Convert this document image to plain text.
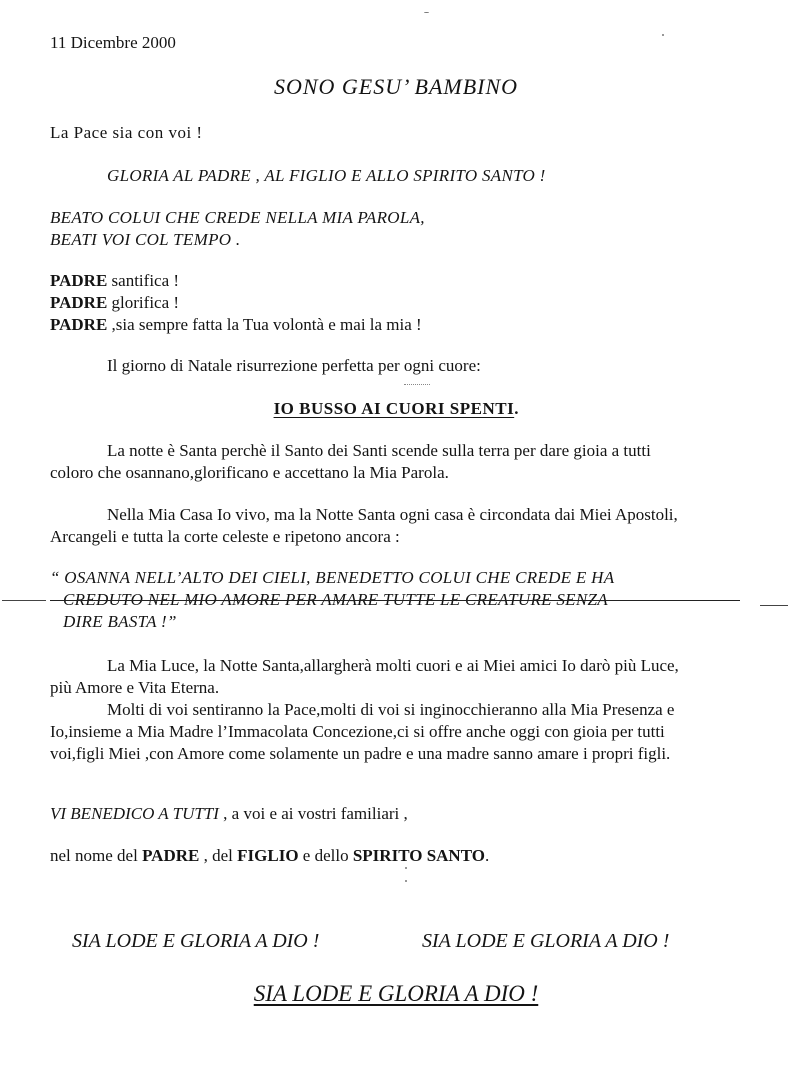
11 Dicembre 2000
SONO GESU’ BAMBINO
La Pace sia con voi !
GLORIA AL PADRE , AL FIGLIO E ALLO SPIRITO SANTO !
BEATO COLUI CHE CREDE NELLA MIA PAROLA,
BEATI VOI COL TEMPO .
PADRE santifica !
PADRE glorifica !
PADRE ,sia sempre fatta la Tua volontà e mai la mia !
Il giorno di Natale risurrezione perfetta per ogni cuore:
IO BUSSO AI CUORI SPENTI.
La notte è Santa perchè il Santo dei Santi scende sulla terra per dare gioia a tutti
coloro che osannano,glorificano e accettano la Mia Parola.
Nella Mia Casa Io vivo, ma la Notte Santa ogni casa è circondata dai Miei Apostoli,
Arcangeli e tutta la corte celeste e ripetono ancora :
“ OSANNA NELL’ALTO DEI CIELI, BENEDETTO COLUI CHE CREDE E HA
CREDUTO NEL MIO AMORE PER AMARE TUTTE LE CREATURE SENZA
DIRE BASTA !”
La Mia Luce, la Notte Santa,allargherà molti cuori e ai Miei amici Io darò più Luce,
più Amore e Vita Eterna.
Molti di voi sentiranno la Pace,molti di voi si inginocchieranno alla Mia Presenza e
Io,insieme a Mia Madre l’Immacolata Concezione,ci si offre anche oggi con gioia per tutti
voi,figli Miei ,con Amore come solamente un padre e una madre sanno amare i propri figli.
VI BENEDICO A TUTTI , a voi e ai vostri familiari ,
nel nome del PADRE , del FIGLIO e dello SPIRITO SANTO.
SIA LODE E GLORIA A DIO !	SIA LODE E GLORIA A DIO !
SIA LODE E GLORIA A DIO !
